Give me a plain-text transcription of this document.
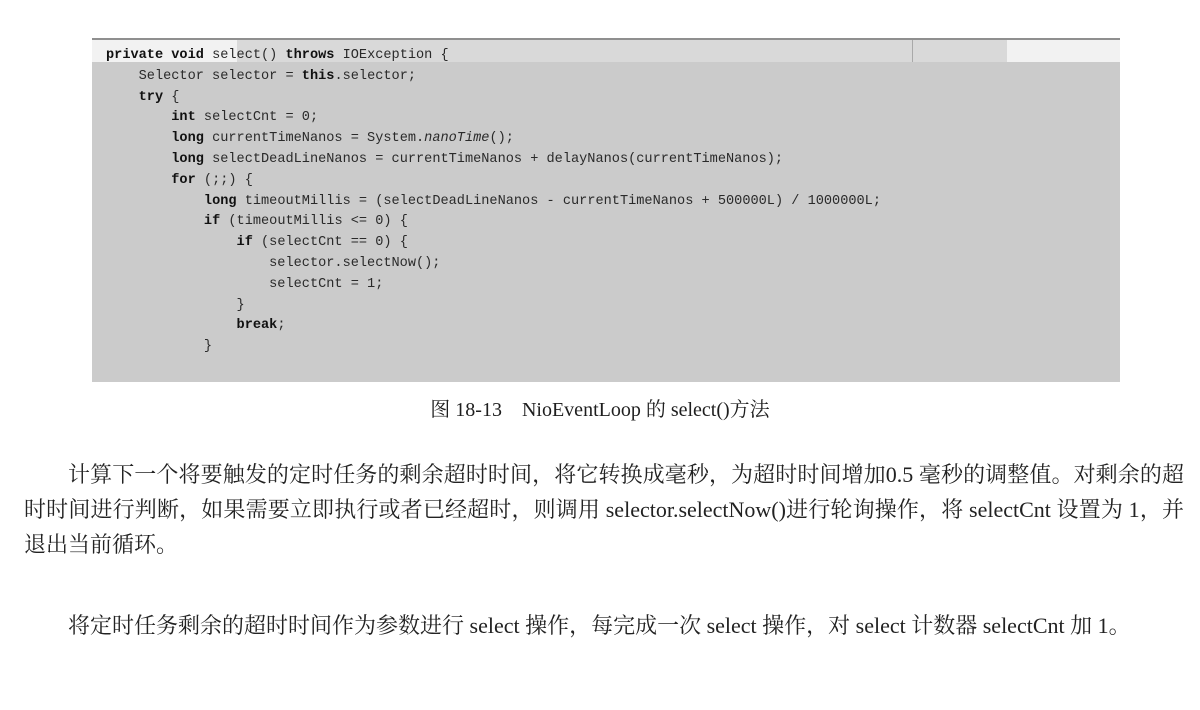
private void select() throws IOException {
Selector selector = this.selector;
try {
int selectCnt = 0;
long currentTimeNanos = System.nanoTime();
long selectDeadLineNanos = currentTimeNanos + delayNanos(currentTimeNanos);
for (;;) {
long timeoutMillis = (selectDeadLineNanos - currentTimeNanos + 500000L) / 1000000L;
if (timeoutMillis <= 0) {
if (selectCnt == 0) {
selector.selectNow();
selectCnt = 1;
}
break;
}
图 18-13 NioEventLoop 的 select()方法

计算下一个将要触发的定时任务的剩余超时时间，将它转换成毫秒，为超时时间增加0.5 毫秒的调整值。对剩余的超时时间进行判断，如果需要立即执行或者已经超时，则调用 selector.selectNow()进行轮询操作，将 selectCnt 设置为 1，并退出当前循环。

将定时任务剩余的超时时间作为参数进行 select 操作，每完成一次 select 操作，对 select 计数器 selectCnt 加 1。
